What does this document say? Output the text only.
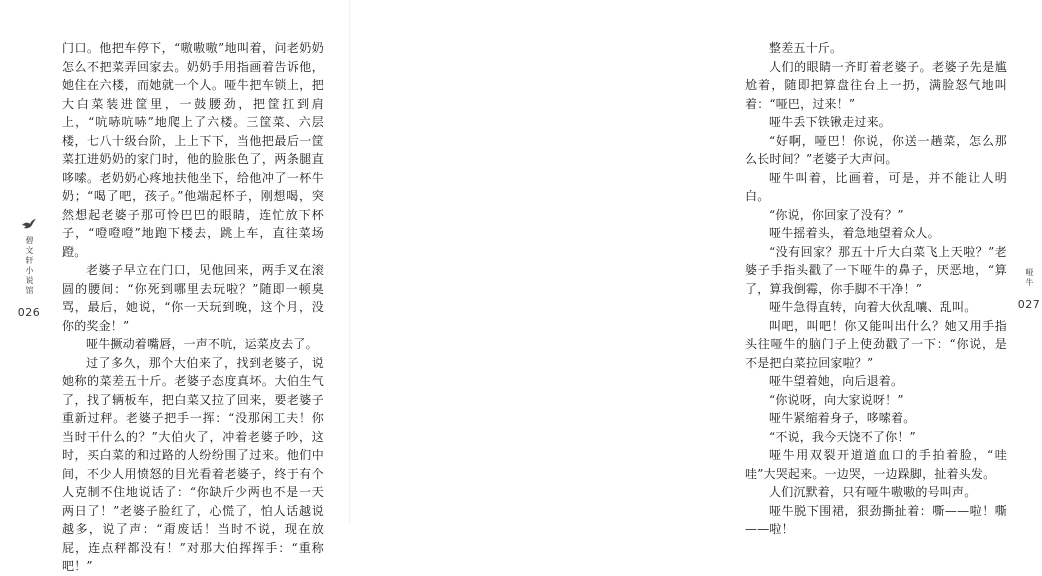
碧文轩小说馆
026

门口。他把车停下，“嗷嗷嗷”地叫着，问老奶奶怎么不把菜弄回家去。奶奶手用指画着告诉他，她住在六楼，而她就一个人。哑牛把车锁上，把大白菜装进筐里，一鼓腰劲，把筐扛到肩上，“吭哧吭哧”地爬上了六楼。三筐菜、六层楼，七八十级台阶，上上下下，当他把最后一筐菜扛进奶奶的家门时，他的脸胀色了，两条腿直哆嗦。老奶奶心疼地扶他坐下，给他冲了一杯牛奶；“喝了吧，孩子。”他端起杯子，刚想喝，突然想起老婆子那可怜巴巴的眼睛，连忙放下杯子，“噔噔噔”地跑下楼去，跳上车，直往菜场蹬。

老婆子早立在门口，见他回来，两手叉在滚圆的腰间：“你死到哪里去玩啦？”随即一顿臭骂，最后，她说，“你一天玩到晚，这个月，没你的奖金！”

哑牛撅动着嘴唇，一声不吭，运菜皮去了。

过了多久，那个大伯来了，找到老婆子，说她称的菜差五十斤。老婆子态度真坏。大伯生气了，找了辆板车，把白菜又拉了回来，要老婆子重新过秤。老婆子把手一挥：“没那闲工夫！你当时干什么的？”大伯火了，冲着老婆子吵，这时，买白菜的和过路的人纷纷围了过来。他们中间，不少人用愤怒的目光看着老婆子，终于有个人克制不住地说话了：“你缺斤少两也不是一天两日了！”老婆子脸红了，心慌了，怕人话越说越多，说了声：“甭废话！当时不说，现在放屁，连点秤都没有！”对那大伯挥挥手：“重称吧！”

整差五十斤。

人们的眼睛一齐盯着老婆子。老婆子先是尴尬着，随即把算盘往台上一扔，满脸怒气地叫着：“哑巴，过来！”

哑牛丢下铁锹走过来。

“好啊，哑巴！你说，你送一趟菜，怎么那么长时间？”老婆子大声问。

哑牛叫着，比画着，可是，并不能让人明白。

“你说，你回家了没有？”

哑牛摇着头，着急地望着众人。

“没有回家？那五十斤大白菜飞上天啦？”老婆子手指头戳了一下哑牛的鼻子，厌恶地，“算了，算我倒霉，你手脚不干净！”

哑牛急得直转，向着大伙乱嚷、乱叫。

叫吧，叫吧！你又能叫出什么？她又用手指头往哑牛的脑门子上使劲戳了一下：“你说，是不是把白菜拉回家啦？”

哑牛望着她，向后退着。

“你说呀，向大家说呀！”

哑牛紧缩着身子，哆嗦着。

“不说，我今天饶不了你！”

哑牛用双裂开道道血口的手拍着脸，“哇哇”大哭起来。一边哭，一边跺脚，扯着头发。

人们沉默着，只有哑牛嗷嗷的号叫声。

哑牛脱下围裙，狠劲撕扯着：嘶——啦！嘶——啦！

哑牛
027
